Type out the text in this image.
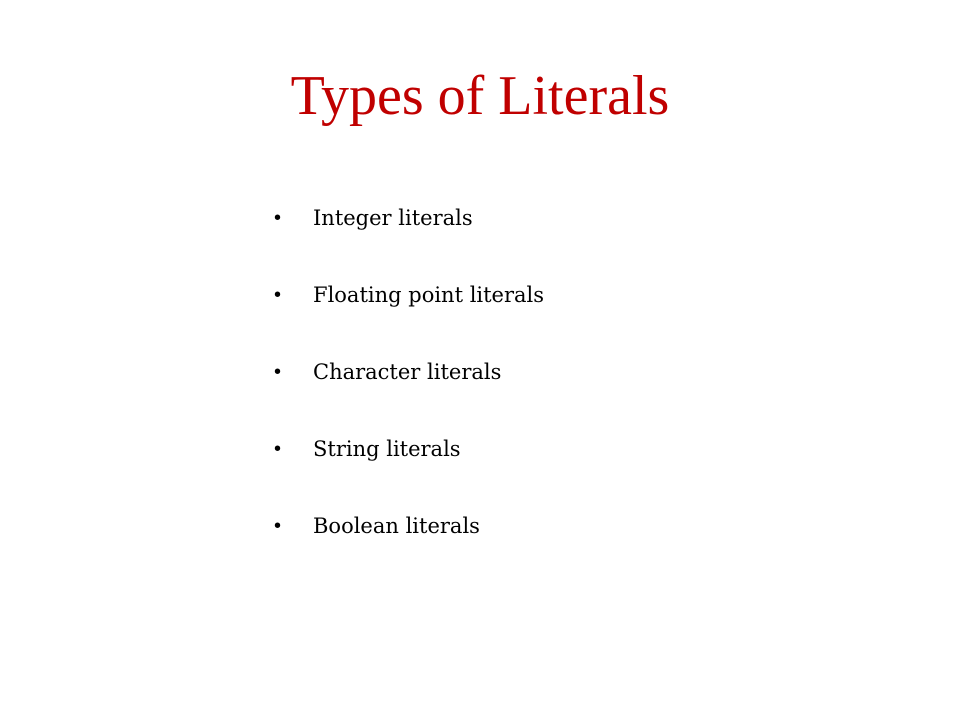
Types of Literals
•	Integer literals
•	Floating point literals
•	Character literals
•	String literals
•	Boolean literals
